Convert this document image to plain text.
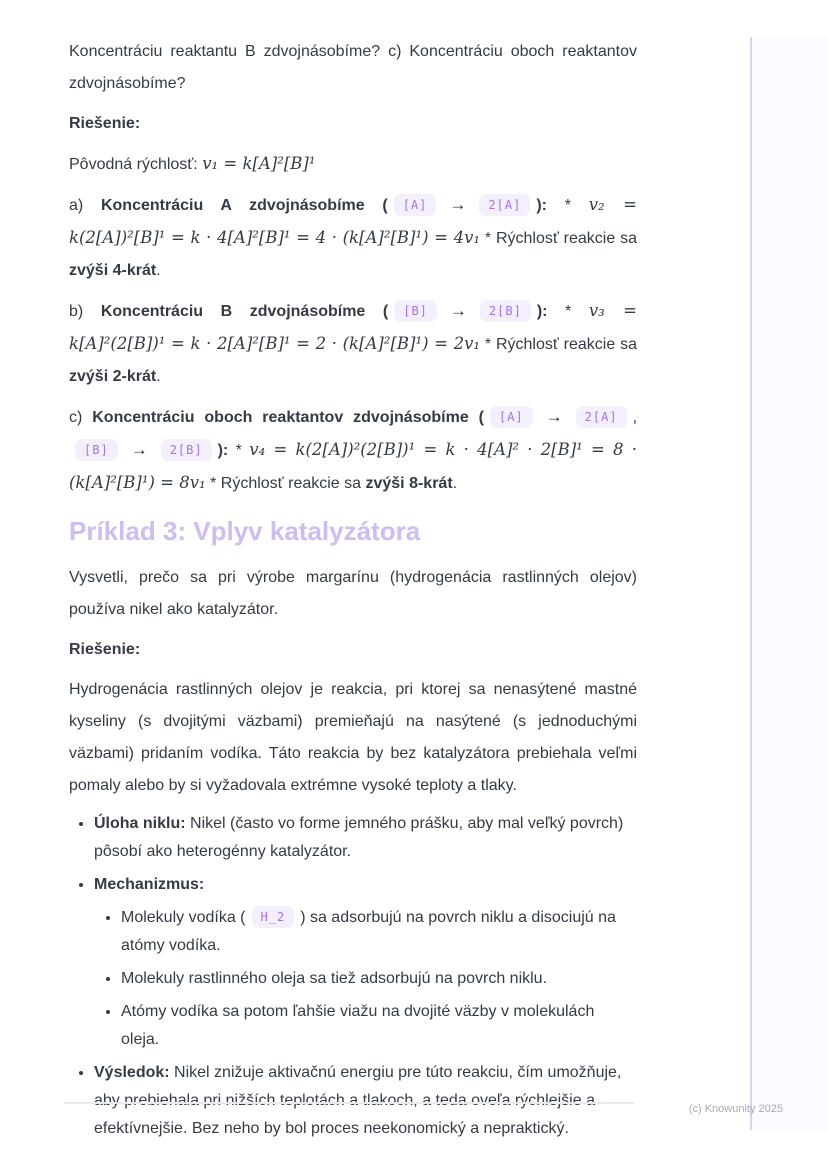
Koncentráciu reaktantu B zdvojnásobíme? c) Koncentráciu oboch reaktantov zdvojnásobíme?

Riešenie:

Pôvodná rýchlosť: v₁ = k[A]²[B]¹

a) Koncentráciu A zdvojnásobíme ( [A] → 2[A] ): * v₂ = k(2[A])²[B]¹ = k · 4[A]²[B]¹ = 4 · (k[A]²[B]¹) = 4v₁ * Rýchlosť reakcie sa zvýši 4-krát.

b) Koncentráciu B zdvojnásobíme ( [B] → 2[B] ): * v₃ = k[A]²(2[B])¹ = k · 2[A]²[B]¹ = 2 · (k[A]²[B]¹) = 2v₁ * Rýchlosť reakcie sa zvýši 2-krát.

c) Koncentráciu oboch reaktantov zdvojnásobíme ( [A] → 2[A] ,[B] → 2[B] ): * v₄ = k(2[A])²(2[B])¹ = k · 4[A]² · 2[B]¹ = 8 · (k[A]²[B]¹) = 8v₁ * Rýchlosť reakcie sa zvýši 8-krát.

Príklad 3: Vplyv katalyzátora

Vysvetli, prečo sa pri výrobe margarínu (hydrogenácia rastlinných olejov) používa nikel ako katalyzátor.

Riešenie:

Hydrogenácia rastlinných olejov je reakcia, pri ktorej sa nenasýtené mastné kyseliny (s dvojitými väzbami) premieňajú na nasýtené (s jednoduchými väzbami) pridaním vodíka. Táto reakcia by bez katalyzátora prebiehala veľmi pomaly alebo by si vyžadovala extrémne vysoké teploty a tlaky.

• Úloha niklu: Nikel (často vo forme jemného prášku, aby mal veľký povrch) pôsobí ako heterogénny katalyzátor.
• Mechanizmus:
• Molekuly vodíka ( H_2 ) sa adsorbujú na povrch niklu a disociujú na atómy vodíka.
• Molekuly rastlinného oleja sa tiež adsorbujú na povrch niklu.
• Atómy vodíka sa potom ľahšie viažu na dvojité väzby v molekulách oleja.
• Výsledok: Nikel znižuje aktivačnú energiu pre túto reakciu, čím umožňuje, aby prebiehala pri nižších teplotách a tlakoch, a teda oveľa rýchlejšie a efektívnejšie. Bez neho by bol proces neekonomický a nepraktický.
(c) Knowunity 2025
